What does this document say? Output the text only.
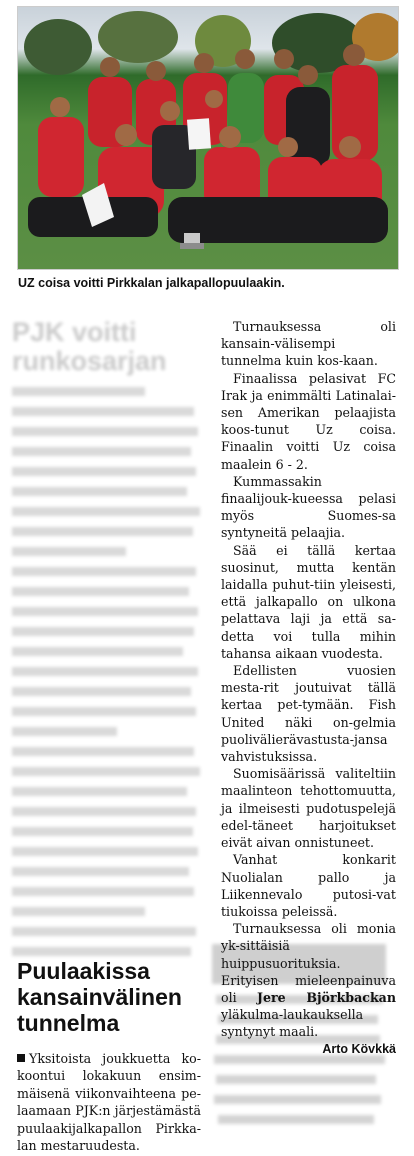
UZ coisa voitti Pirkkalan jalkapallopuulaakin.
PJK voitti runkosarjan

Turnauksessa oli kansain-välisempi tunnelma kuin kos-kaan.

Finaalissa pelasivat FC Irak ja enimmälti Latinalai-sen Amerikan pelaajista koos-tunut Uz coisa. Finaalin voitti Uz coisa maalein 6 - 2.

Kummassakin finaalijouk-kueessa pelasi myös Suomes-sa syntyneitä pelaajia.

Sää ei tällä kertaa suosinut, mutta kentän laidalla puhut-tiin yleisesti, että jalkapallo on ulkona pelattava laji ja että sa-detta voi tulla mihin tahansa aikaan vuodesta.

Edellisten vuosien mesta-rit joutuivat tällä kertaa pet-tymään. Fish United näki on-gelmia puolivälierävastusta-jansa vahvistuksissa.

Suomisäärissä valiteltiin maalinteon tehottomuutta, ja ilmeisesti pudotuspelejä edel-täneet harjoitukset eivät aivan onnistuneet.

Vanhat konkarit Nuolialan pallo ja Liikennevalo putosi-vat tiukoissa peleissä.

Turnauksessa oli monia yk-sittäisiä huippusuorituksia. Erityisen mieleenpainuva oli Jere Björkbackan yläkulma-laukauksella syntynyt maali.

Arto Kövkkä
Puulaakissa kansainvälinen tunnelma
Yksitoista joukkuetta ko-koontui lokakuun ensim-mäisenä viikonvaihteena pe-laamaan PJK:n järjestämästä puulaakijalkapallon Pirkka-lan mestaruudesta.
